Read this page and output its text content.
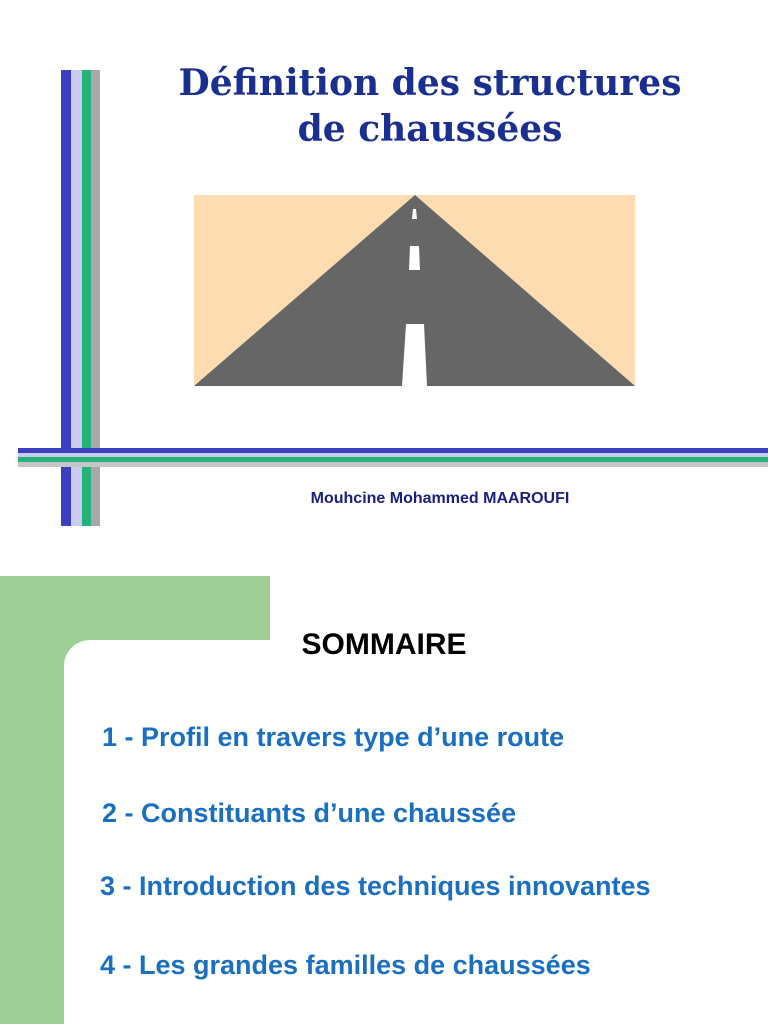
Définition des structures
de chaussées

Mouhcine Mohammed MAAROUFI

SOMMAIRE

1 - Profil en travers type d’une route

2 - Constituants d’une chaussée

3 - Introduction des techniques innovantes

4 - Les grandes familles de chaussées
